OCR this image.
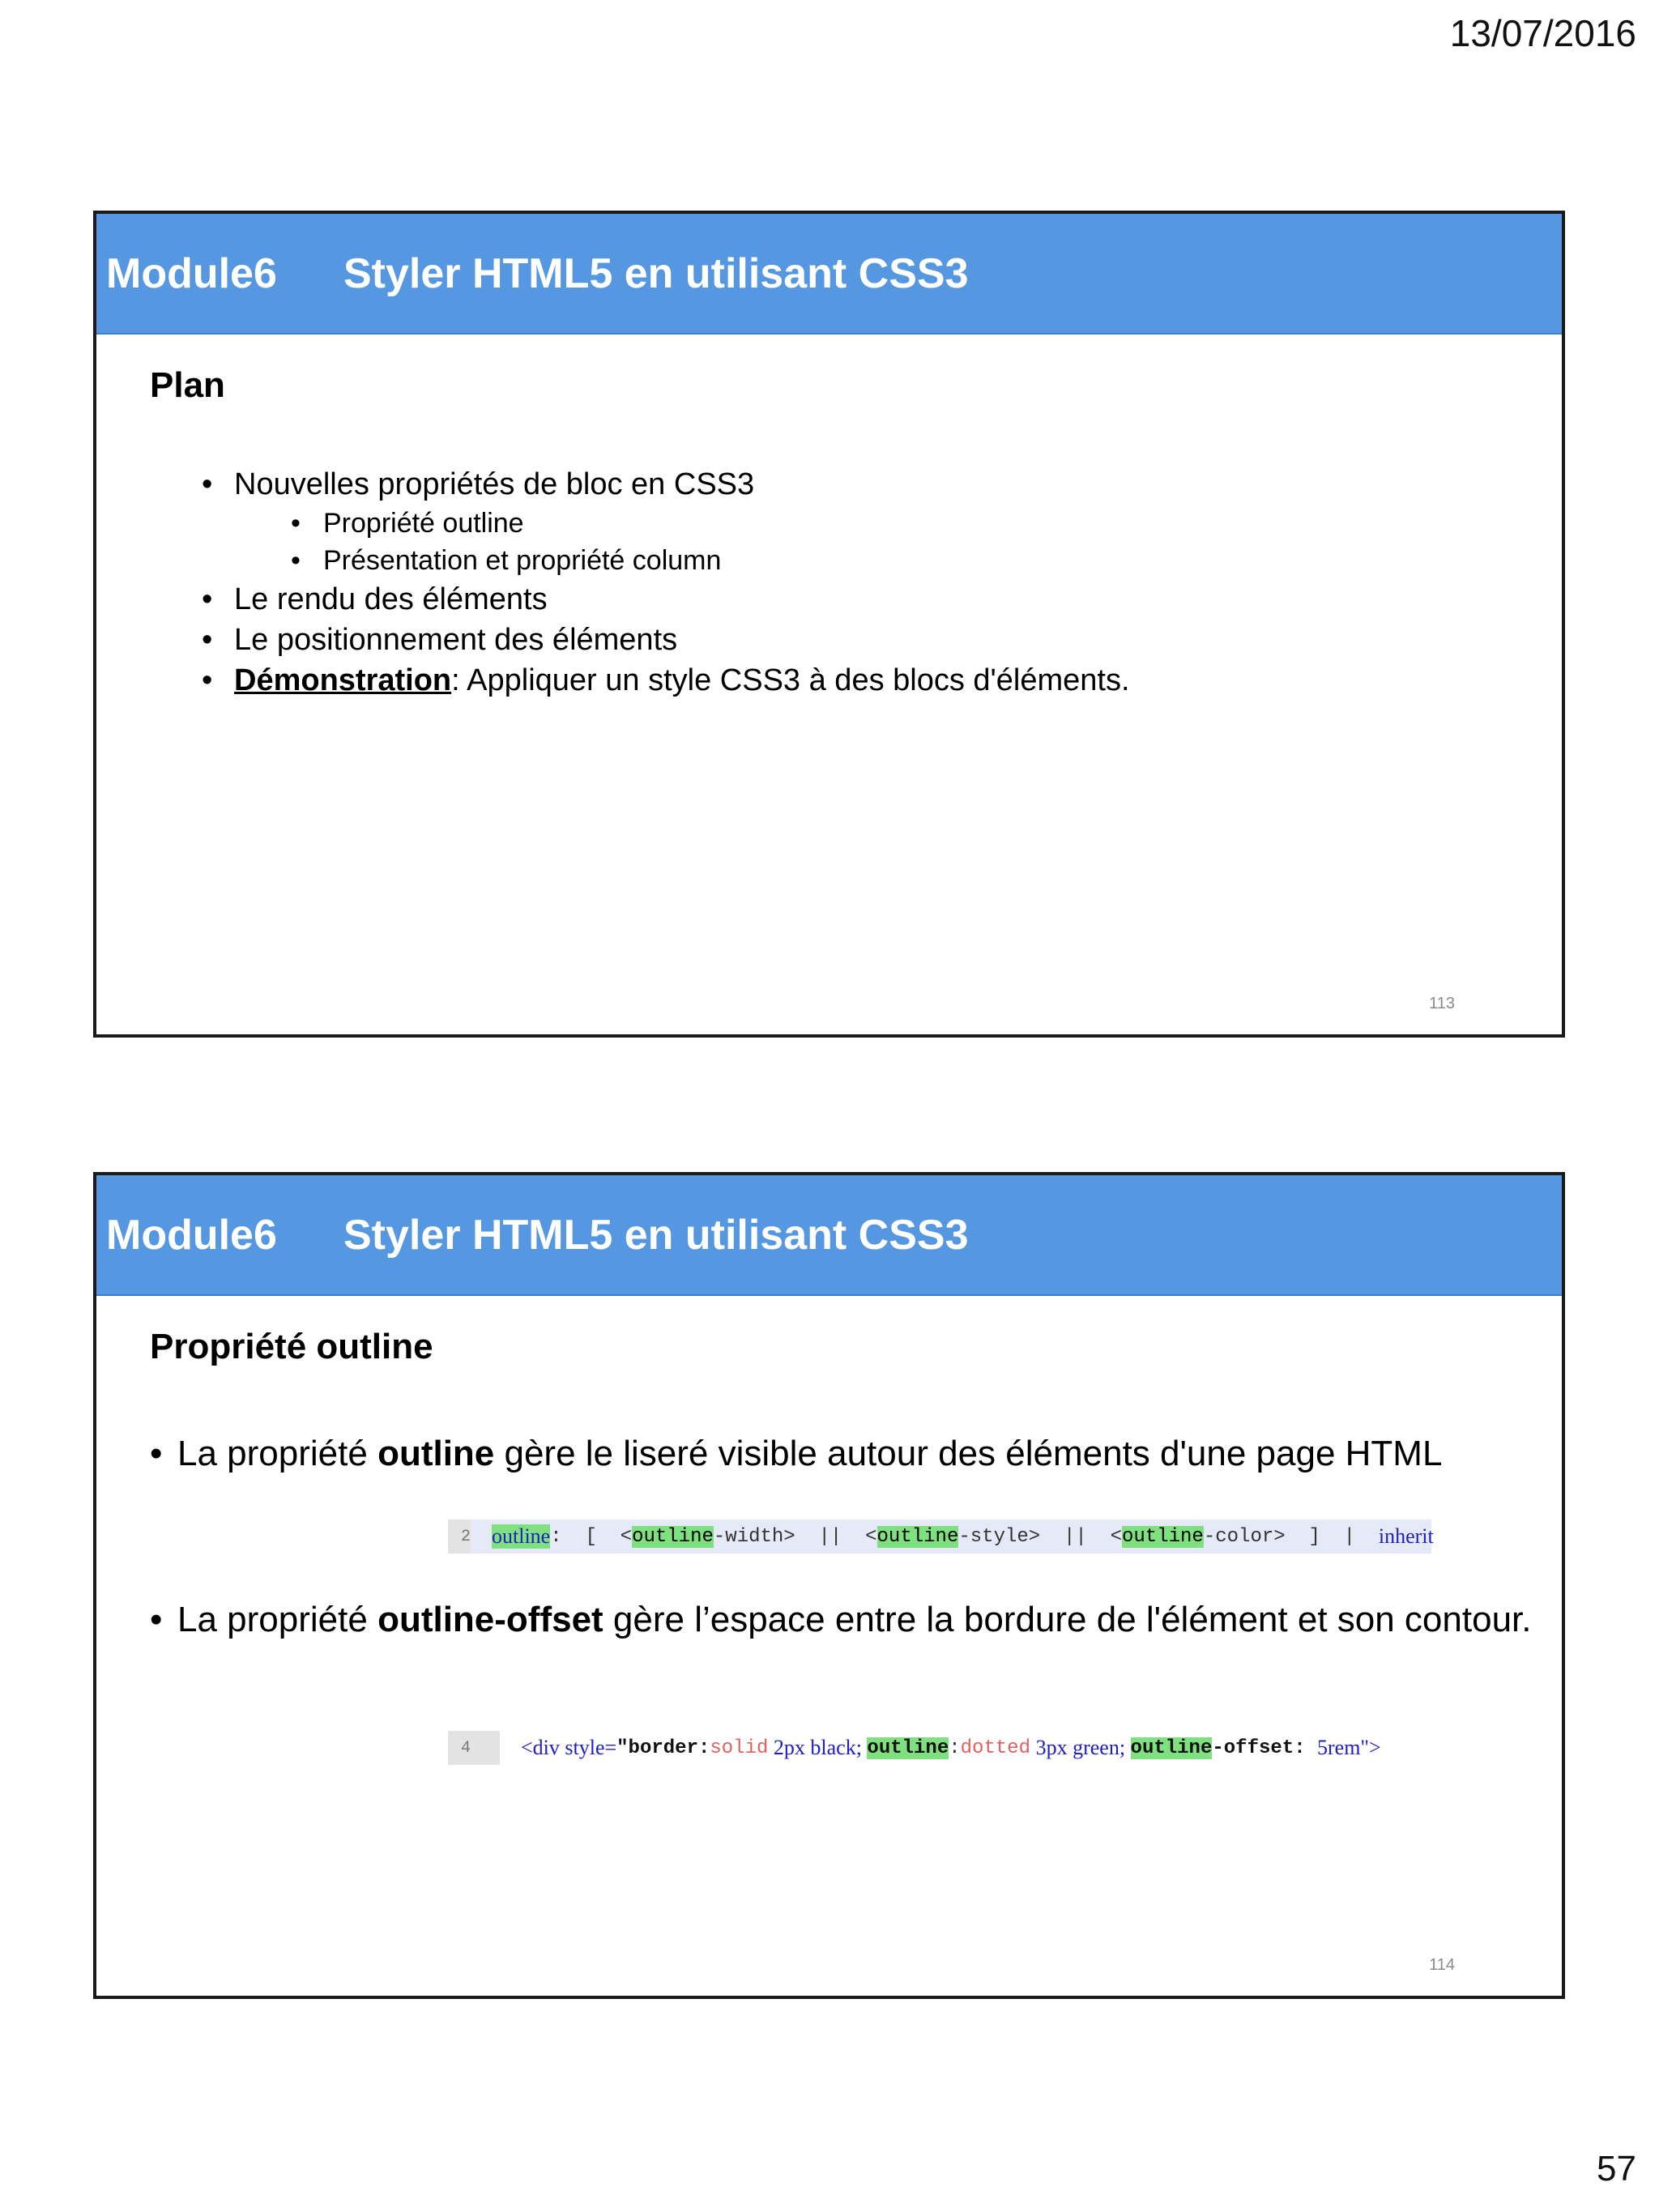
13/07/2016
Module6	Styler HTML5 en utilisant CSS3
Plan
• Nouvelles propriétés de bloc en CSS3
• Propriété outline
• Présentation et propriété column
• Le rendu des éléments
• Le positionnement des éléments
• Démonstration: Appliquer un style CSS3 à des blocs d'éléments.
113
Module6	Styler HTML5 en utilisant CSS3
Propriété outline
• La propriété outline gère le liseré visible autour des éléments d'une page HTML
• La propriété outline-offset gère l’espace entre la bordure de l'élément et son contour.
2 outline :  [  < outline -width>  ||  < outline -style>  ||  < outline -color>  ]  | inherit
4	<div style= "border: solid 2px black; outline : dotted 3px green; outline -offset: 5rem">
114
57
